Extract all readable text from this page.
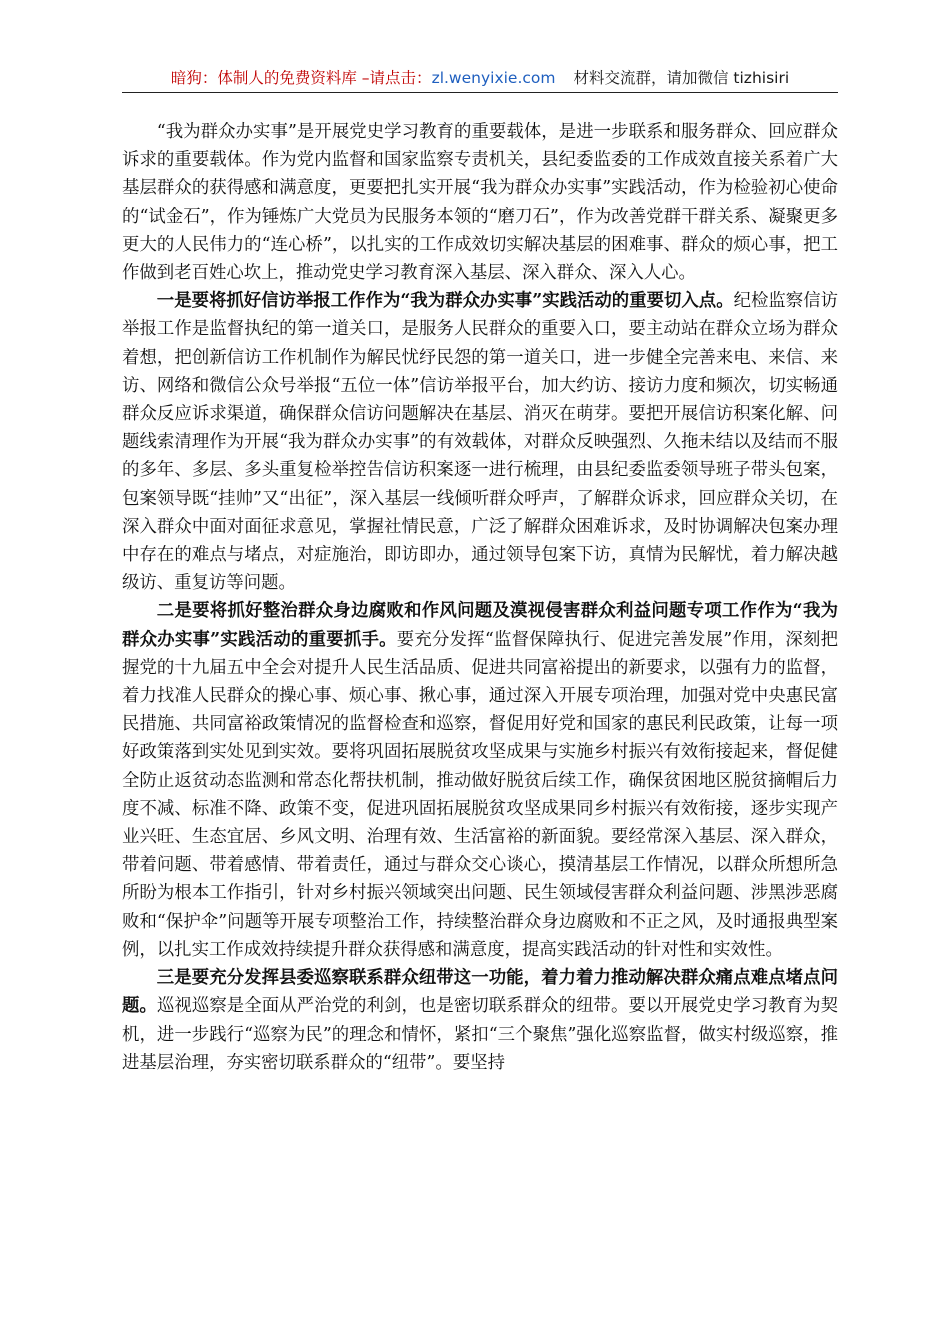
暗狗：体制人的免费资料库 –请点击：zl.wenyixie.com 材料交流群，请加微信 tizhisiri

“我为群众办实事”是开展党史学习教育的重要载体，是进一步联系和服务群众、回应群众诉求的重要载体。作为党内监督和国家监察专责机关，县纪委监委的工作成效直接关系着广大基层群众的获得感和满意度，更要把扎实开展“我为群众办实事”实践活动，作为检验初心使命的“试金石”，作为锤炼广大党员为民服务本领的“磨刀石”，作为改善党群干群关系、凝聚更多更大的人民伟力的“连心桥”，以扎实的工作成效切实解决基层的困难事、群众的烦心事，把工作做到老百姓心坎上，推动党史学习教育深入基层、深入群众、深入人心。

一是要将抓好信访举报工作作为“我为群众办实事”实践活动的重要切入点。纪检监察信访举报工作是监督执纪的第一道关口，是服务人民群众的重要入口，要主动站在群众立场为群众着想，把创新信访工作机制作为解民忧纾民怨的第一道关口，进一步健全完善来电、来信、来访、网络和微信公众号举报“五位一体”信访举报平台，加大约访、接访力度和频次，切实畅通群众反应诉求渠道，确保群众信访问题解决在基层、消灭在萌芽。要把开展信访积案化解、问题线索清理作为开展“我为群众办实事”的有效载体，对群众反映强烈、久拖未结以及结而不服的多年、多层、多头重复检举控告信访积案逐一进行梳理，由县纪委监委领导班子带头包案，包案领导既“挂帅”又“出征”，深入基层一线倾听群众呼声，了解群众诉求，回应群众关切，在深入群众中面对面征求意见，掌握社情民意，广泛了解群众困难诉求，及时协调解决包案办理中存在的难点与堵点，对症施治，即访即办，通过领导包案下访，真情为民解忧，着力解决越级访、重复访等问题。

二是要将抓好整治群众身边腐败和作风问题及漠视侵害群众利益问题专项工作作为“我为群众办实事”实践活动的重要抓手。要充分发挥“监督保障执行、促进完善发展”作用，深刻把握党的十九届五中全会对提升人民生活品质、促进共同富裕提出的新要求，以强有力的监督，着力找准人民群众的操心事、烦心事、揪心事，通过深入开展专项治理，加强对党中央惠民富民措施、共同富裕政策情况的监督检查和巡察，督促用好党和国家的惠民利民政策，让每一项好政策落到实处见到实效。要将巩固拓展脱贫攻坚成果与实施乡村振兴有效衔接起来，督促健全防止返贫动态监测和常态化帮扶机制，推动做好脱贫后续工作，确保贫困地区脱贫摘帽后力度不减、标准不降、政策不变，促进巩固拓展脱贫攻坚成果同乡村振兴有效衔接，逐步实现产业兴旺、生态宜居、乡风文明、治理有效、生活富裕的新面貌。要经常深入基层、深入群众，带着问题、带着感情、带着责任，通过与群众交心谈心，摸清基层工作情况，以群众所想所急所盼为根本工作指引，针对乡村振兴领域突出问题、民生领域侵害群众利益问题、涉黑涉恶腐败和“保护伞”问题等开展专项整治工作，持续整治群众身边腐败和不正之风，及时通报典型案例，以扎实工作成效持续提升群众获得感和满意度，提高实践活动的针对性和实效性。

三是要充分发挥县委巡察联系群众纽带这一功能，着力着力推动解决群众痛点难点堵点问题。巡视巡察是全面从严治党的利剑，也是密切联系群众的纽带。要以开展党史学习教育为契机，进一步践行“巡察为民”的理念和情怀，紧扣“三个聚焦”强化巡察监督，做实村级巡察，推进基层治理，夯实密切联系群众的“纽带”。要坚持
